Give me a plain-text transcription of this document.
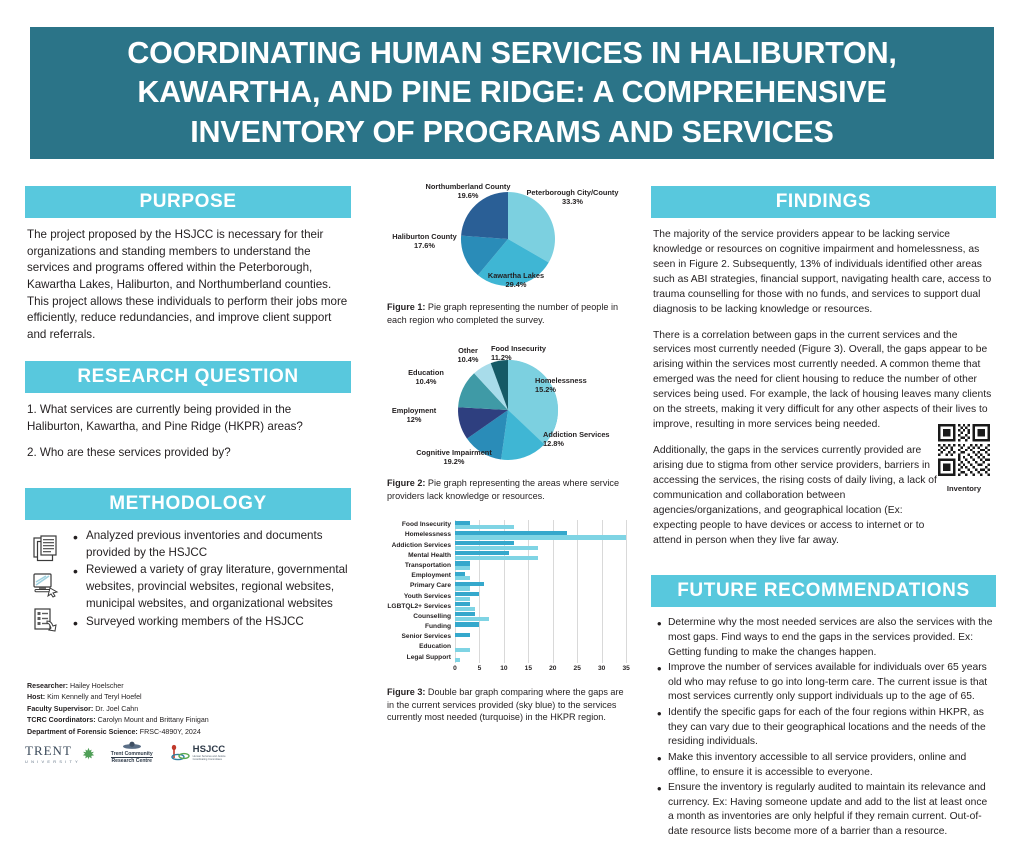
COORDINATING HUMAN SERVICES IN HALIBURTON, KAWARTHA, AND PINE RIDGE: A COMPREHENSIVE INVENTORY OF PROGRAMS AND SERVICES
PURPOSE

The project proposed by the HSJCC is necessary for their organizations and standing members to understand the services and programs offered within the Peterborough, Kawartha Lakes, Haliburton, and Northumberland counties. This project allows these individuals to perform their jobs more efficiently, reduce redundancies, and improve client support and referrals.

RESEARCH QUESTION

1. What services are currently being provided in the Haliburton, Kawartha, and Pine Ridge (HKPR) areas?

2. Who are these services provided by?

METHODOLOGY
• Analyzed previous inventories and documents provided by the HSJCC
• Reviewed a variety of gray literature, governmental websites, provincial websites, regional websites, municipal websites, and organizational websites
• Surveyed working members of the HSJCC
Researcher: Hailey Hoelscher
Host: Kim Kennelly and Teryl Hoefel
Faculty Supervisor: Dr. Joel Cahn
TCRC Coordinators: Carolyn Mount and Brittany Finigan
Department of Forensic Science: FRSC-4890Y, 2024
TRENT
U N I V E R S I T Y
Trent Community
Research Centre
HSJCC
Human Services and Justice Coordinating Committees
Northumberland County
19.6%	Peterborough City/County
33.3%
Haliburton County
17.6%
Kawartha Lakes
29.4%
Figure 1: Pie graph representing the number of people in each region who completed the survey.
Other
10.4%
Food Insecurity
11.2%
Education
10.4%	Homelessness
15.2%
Employment
12%
Addiction Services
12.8%
Cognitive Impairment
19.2%
Figure 2: Pie graph representing the areas where service providers lack knowledge or resources.
Food Insecurity
Homelessness
Addiction Services
Mental Health
Transportation
Employment
Primary Care
Youth Services
LGBTQL2+ Services
Counselling
Funding
Senior Services
Education
Legal Support
0	5	10	15	20	25	30	35
Figure 3: Double bar graph comparing where the gaps are in the current services provided (sky blue) to the services currently most needed (turquoise) in the HKPR region.
FINDINGS

The majority of the service providers appear to be lacking service knowledge or resources on cognitive impairment and homelessness, as seen in Figure 2. Subsequently, 13% of individuals identified other areas such as ABI strategies, financial support, navigating health care, access to trauma counselling for those with no funds, and services to support dual diagnosis to be lacking knowledge or resources.

There is a correlation between gaps in the current services and the services most currently needed (Figure 3). Overall, the gaps appear to be arising within the services most currently needed. A common theme that emerged was the need for client housing to reduce the number of other services being used. For example, the lack of housing leaves many clients on the streets, making it very difficult for any other aspects of their lives to improve, resulting in more services being needed.

Additionally, the gaps in the services currently provided are arising due to stigma from other service providers, barriers in accessing the services, the rising costs of daily living, a lack of communication and collaboration between agencies/organizations, and geographical location (Ex: expecting people to have devices or access to internet or to attend in person when they live far away.

Inventory
FUTURE RECOMMENDATIONS
• Determine why the most needed services are also the services with the most gaps. Find ways to end the gaps in the services provided. Ex: Getting funding to make the changes happen.
• Improve the number of services available for individuals over 65 years old who may refuse to go into long-term care. The current issue is that most services currently only support individuals up to the age of 65.
• Identify the specific gaps for each of the four regions within HKPR, as they can vary due to their geographical locations and the needs of the residing individuals.
• Make this inventory accessible to all service providers, online and offline, to ensure it is accessible to everyone.
• Ensure the inventory is regularly audited to maintain its relevance and currency. Ex: Having someone update and add to the list at least once a month as inventories are only helpful if they remain current. Out-of-date resource lists become more of a barrier than a resource.
